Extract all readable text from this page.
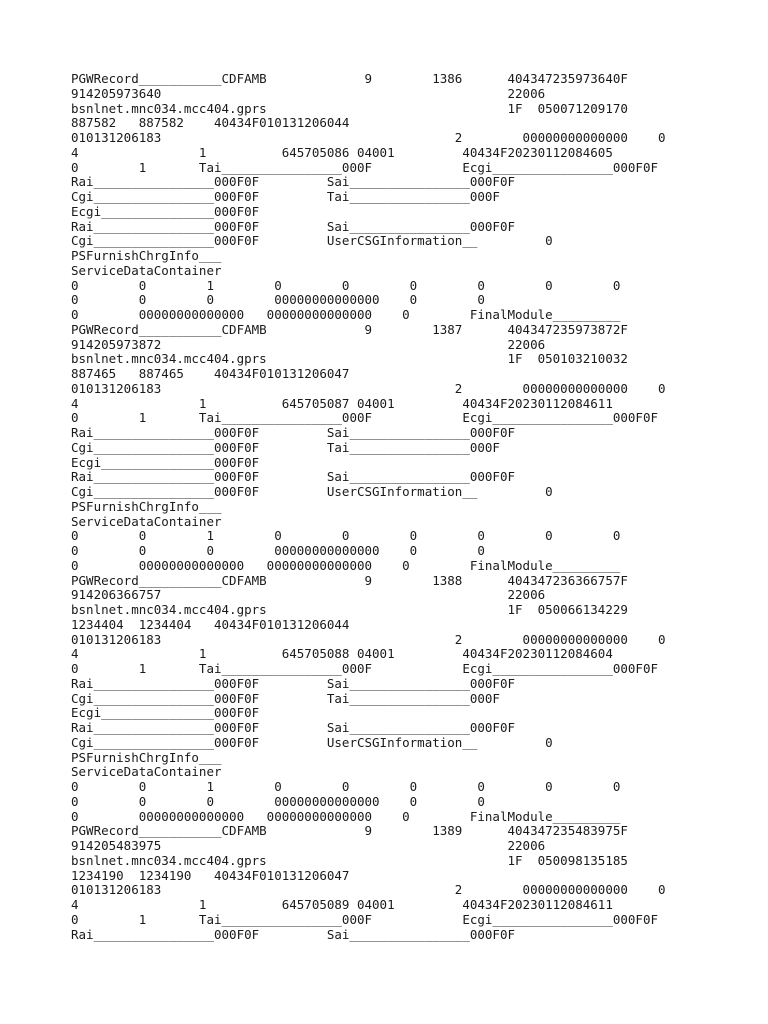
PGWRecord___________CDFAMB             9        1386      404347235973640F
914205973640                                              22006
bsnlnet.mnc034.mcc404.gprs                                1F  050071209170
887582   887582    40434F010131206044
010131206183                                       2        00000000000000    0
4                1          645705086 04001         40434F20230112084605
0        1       Tai________________000F            Ecgi________________000F0F
Rai________________000F0F         Sai________________000F0F
Cgi________________000F0F         Tai________________000F
Ecgi_______________000F0F
Rai________________000F0F         Sai________________000F0F
Cgi________________000F0F         UserCSGInformation__         0
PSFurnishChrgInfo___
ServiceDataContainer
0        0        1        0        0        0        0        0        0
0        0        0        00000000000000    0        0
0        00000000000000   00000000000000    0        FinalModule_________
PGWRecord___________CDFAMB             9        1387      404347235973872F
914205973872                                              22006
bsnlnet.mnc034.mcc404.gprs                                1F  050103210032
887465   887465    40434F010131206047
010131206183                                       2        00000000000000    0
4                1          645705087 04001         40434F20230112084611
0        1       Tai________________000F            Ecgi________________000F0F
Rai________________000F0F         Sai________________000F0F
Cgi________________000F0F         Tai________________000F
Ecgi_______________000F0F
Rai________________000F0F         Sai________________000F0F
Cgi________________000F0F         UserCSGInformation__         0
PSFurnishChrgInfo___
ServiceDataContainer
0        0        1        0        0        0        0        0        0
0        0        0        00000000000000    0        0
0        00000000000000   00000000000000    0        FinalModule_________
PGWRecord___________CDFAMB             9        1388      404347236366757F
914206366757                                              22006
bsnlnet.mnc034.mcc404.gprs                                1F  050066134229
1234404  1234404   40434F010131206044
010131206183                                       2        00000000000000    0
4                1          645705088 04001         40434F20230112084604
0        1       Tai________________000F            Ecgi________________000F0F
Rai________________000F0F         Sai________________000F0F
Cgi________________000F0F         Tai________________000F
Ecgi_______________000F0F
Rai________________000F0F         Sai________________000F0F
Cgi________________000F0F         UserCSGInformation__         0
PSFurnishChrgInfo___
ServiceDataContainer
0        0        1        0        0        0        0        0        0
0        0        0        00000000000000    0        0
0        00000000000000   00000000000000    0        FinalModule_________
PGWRecord___________CDFAMB             9        1389      404347235483975F
914205483975                                              22006
bsnlnet.mnc034.mcc404.gprs                                1F  050098135185
1234190  1234190   40434F010131206047
010131206183                                       2        00000000000000    0
4                1          645705089 04001         40434F20230112084611
0        1       Tai________________000F            Ecgi________________000F0F
Rai________________000F0F         Sai________________000F0F
